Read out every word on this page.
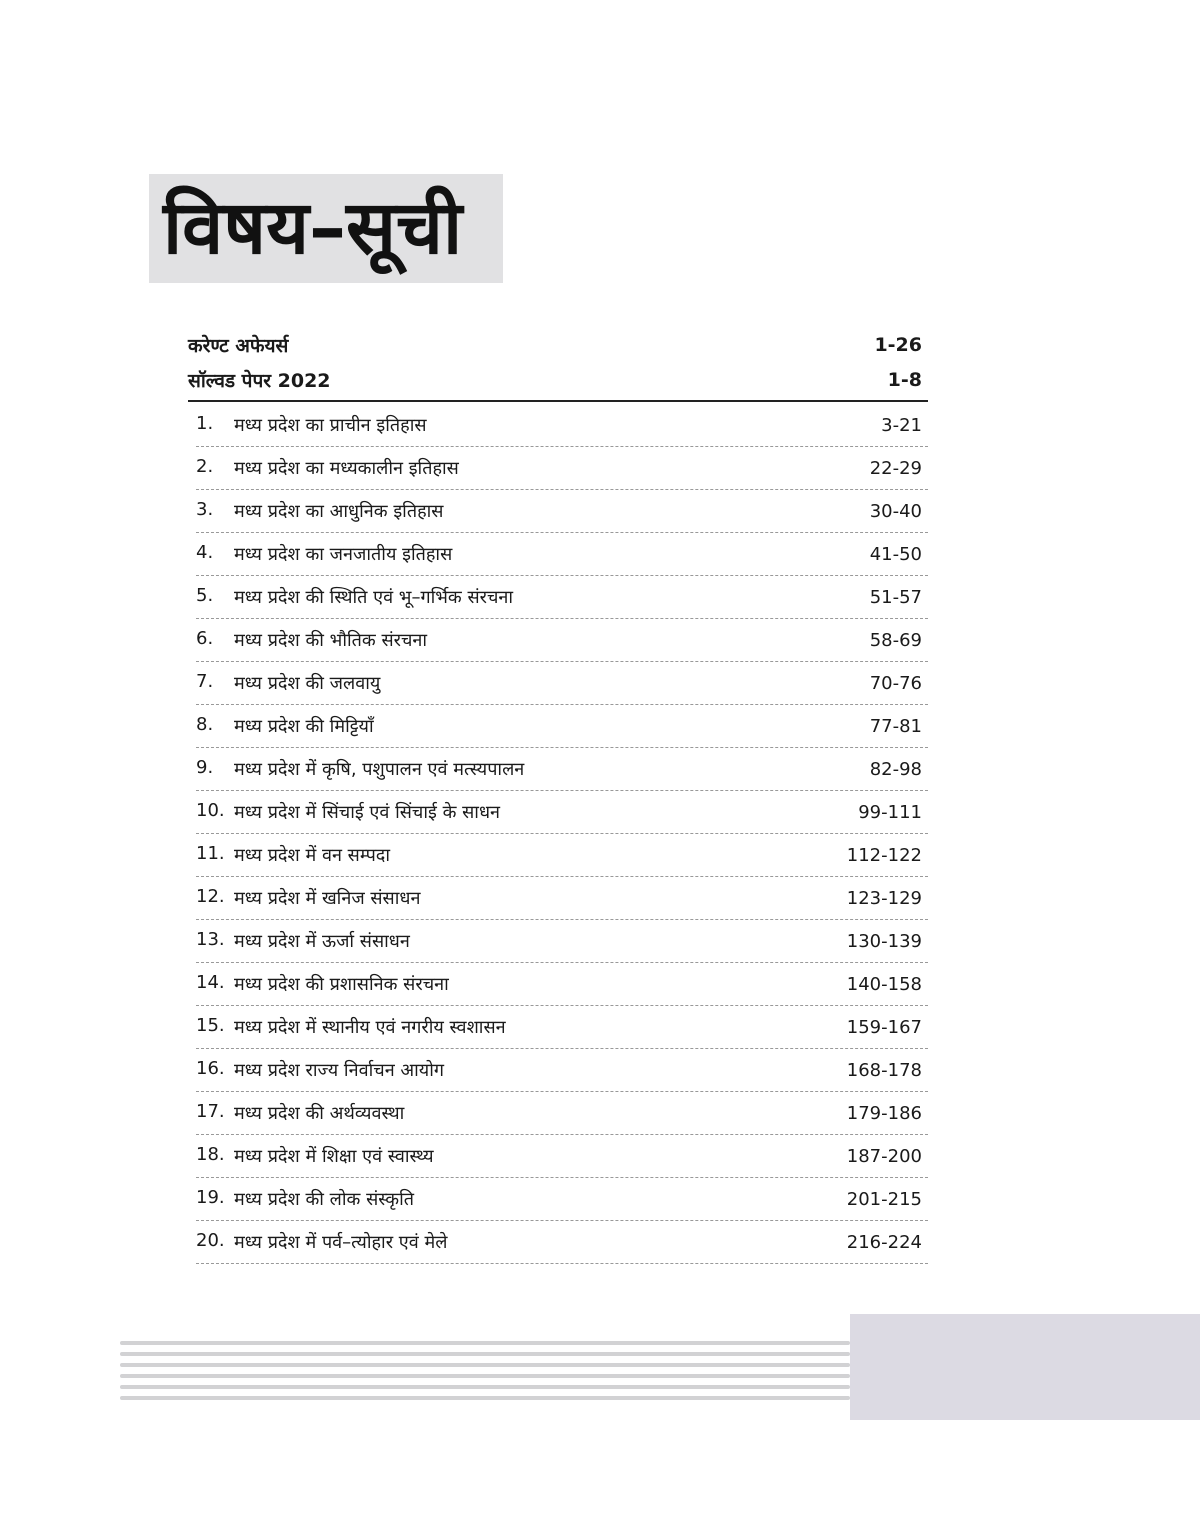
विषय–सूची
करेण्ट अफेयर्स	1-26
सॉल्वड पेपर 2022	1-8
1.	मध्य प्रदेश का प्राचीन इतिहास	3-21
2.	मध्य प्रदेश का मध्यकालीन इतिहास	22-29
3.	मध्य प्रदेश का आधुनिक इतिहास	30-40
4.	मध्य प्रदेश का जनजातीय इतिहास	41-50
5.	मध्य प्रदेश की स्थिति एवं भू–गर्भिक संरचना	51-57
6.	मध्य प्रदेश की भौतिक संरचना	58-69
7.	मध्य प्रदेश की जलवायु	70-76
8.	मध्य प्रदेश की मिट्टियाँ	77-81
9.	मध्य प्रदेश में कृषि, पशुपालन एवं मत्स्यपालन	82-98
10. मध्य प्रदेश में सिंचाई एवं सिंचाई के साधन	99-111
11. मध्य प्रदेश में वन सम्पदा	112-122
12. मध्य प्रदेश में खनिज संसाधन	123-129
13. मध्य प्रदेश में ऊर्जा संसाधन	130-139
14. मध्य प्रदेश की प्रशासनिक संरचना	140-158
15. मध्य प्रदेश में स्थानीय एवं नगरीय स्वशासन	159-167
16. मध्य प्रदेश राज्य निर्वाचन आयोग	168-178
17. मध्य प्रदेश की अर्थव्यवस्था	179-186
18. मध्य प्रदेश में शिक्षा एवं स्वास्थ्य	187-200
19. मध्य प्रदेश की लोक संस्कृति	201-215
20. मध्य प्रदेश में पर्व–त्योहार एवं मेले	216-224
